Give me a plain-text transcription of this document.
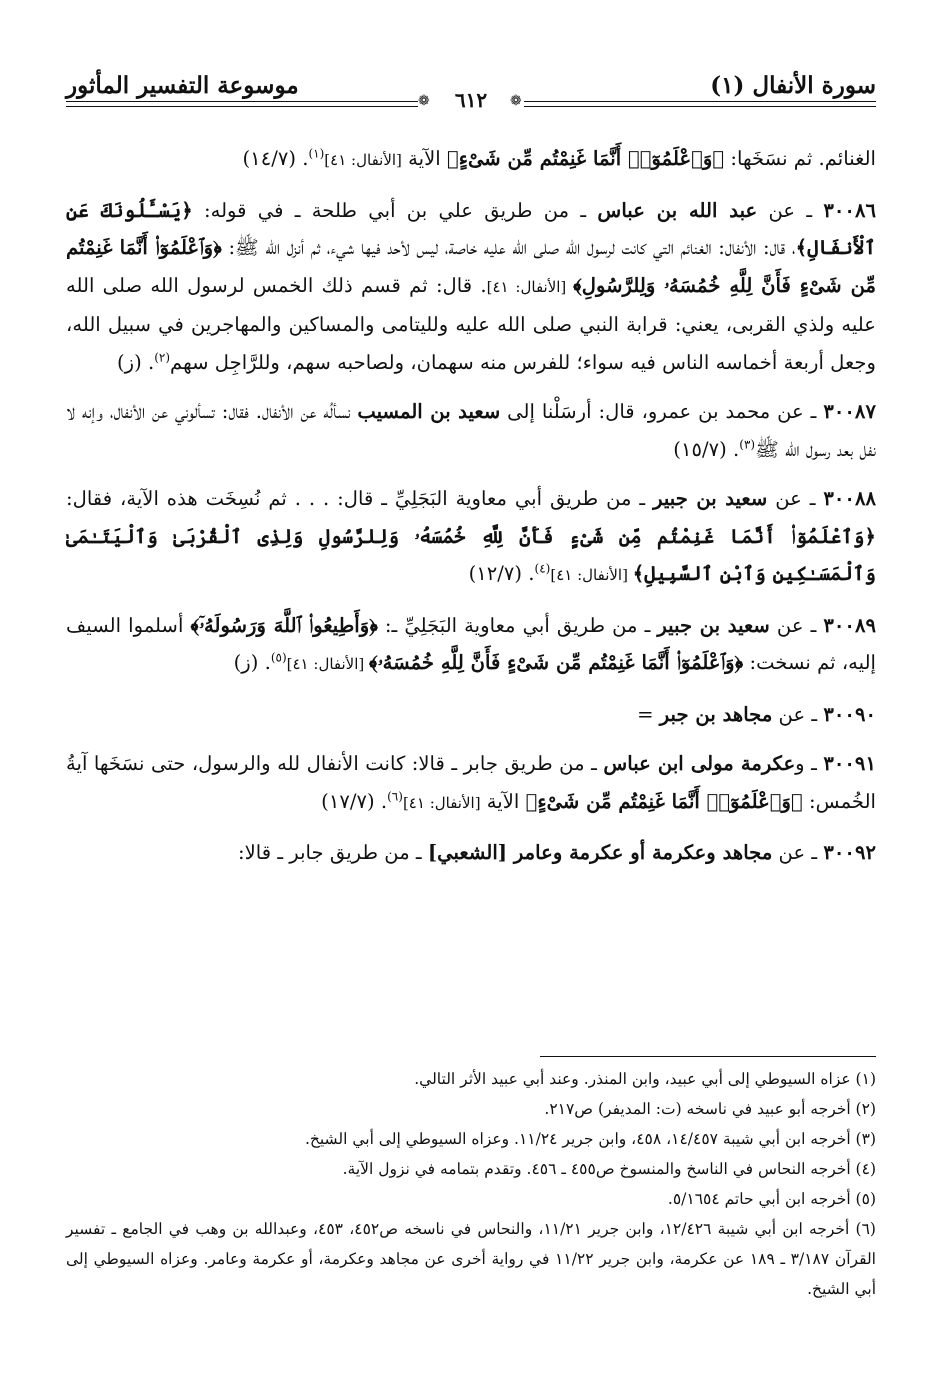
سورة الأنفال (١)
موسوعة التفسير المأثور
❁	٦١٢	❁

الغنائم. ثم نسَخَها: ﴿وَٱعْلَمُوٓا۟ أَنَّمَا غَنِمْتُم مِّن شَىْءٍ﴾ الآية [الأنفال: ٤١]$^{(١)}$. (١٤/٧)

٣٠٠٨٦ ـ عن عبد الله بن عباس ـ من طريق علي بن أبي طلحة ـ في قوله: ﴿يَسْـَٔلُونَكَ عَنِ ٱلْأَنفَالِ﴾، قال: الأنفال: الغنائم التي كانت لرسول الله صلى الله عليه خاصة، ليس لأحد فيها شيء، ثم أنزل الله ﷺ: ﴿وَٱعْلَمُوٓا۟ أَنَّمَا غَنِمْتُم مِّن شَىْءٍ فَأَنَّ لِلَّهِ خُمُسَهُۥ وَلِلرَّسُولِ﴾ [الأنفال: ٤١]. قال: ثم قسم ذلك الخمس لرسول الله صلى الله عليه ولذي القربى، يعني: قرابة النبي صلى الله عليه ولليتامى والمساكين والمهاجرين في سبيل الله، وجعل أربعة أخماسه الناس فيه سواء؛ للفرس منه سهمان، ولصاحبه سهم، وللرَّاجِل سهم$^{(٢)}$. (ز)

٣٠٠٨٧ ـ عن محمد بن عمرو، قال: أرسَلْنا إلى سعيد بن المسيب نسألُه عن الأنفال. فقال: تسألوني عن الأنفال، وإنه لا نفل بعد رسول الله ﷺ$^{(٣)}$. (١٥/٧)

٣٠٠٨٨ ـ عن سعيد بن جبير ـ من طريق أبي معاوية البَجَلِيِّ ـ قال: . . . ثم نُسِخَت هذه الآية، فقال: ﴿وَٱعْلَمُوٓا۟ أَنَّمَا غَنِمْتُم مِّن شَىْءٍ فَأَنَّ لِلَّهِ خُمُسَهُۥ وَلِلرَّسُولِ وَلِذِى ٱلْقُرْبَىٰ وَٱلْيَتَـٰمَىٰ وَٱلْمَسَـٰكِينِ وَٱبْنِ ٱلسَّبِيلِ﴾ [الأنفال: ٤١]$^{(٤)}$. (١٢/٧)

٣٠٠٨٩ ـ عن سعيد بن جبير ـ من طريق أبي معاوية البَجَلِيِّ ـ: ﴿وَأَطِيعُوا۟ ٱللَّهَ وَرَسُولَهُۥٓ﴾ أسلموا السيف إليه، ثم نسخت: ﴿وَٱعْلَمُوٓا۟ أَنَّمَا غَنِمْتُم مِّن شَىْءٍ فَأَنَّ لِلَّهِ خُمُسَهُۥ﴾ [الأنفال: ٤١]$^{(٥)}$. (ز)

٣٠٠٩٠ ـ عن مجاهد بن جبر =

٣٠٠٩١ ـ وعكرمة مولى ابن عباس ـ من طريق جابر ـ قالا: كانت الأنفال لله والرسول، حتى نسَخَها آيةُ الخُمس: ﴿وَٱعْلَمُوٓا۟ أَنَّمَا غَنِمْتُم مِّن شَىْءٍ﴾ الآية [الأنفال: ٤١]$^{(٦)}$. (١٧/٧)

٣٠٠٩٢ ـ عن مجاهد وعكرمة أو عكرمة وعامر [الشعبي] ـ من طريق جابر ـ قالا:

(١) عزاه السيوطي إلى أبي عبيد، وابن المنذر. وعند أبي عبيد الأثر التالي.

(٢) أخرجه أبو عبيد في ناسخه (ت: المديفر) ص٢١٧.

(٣) أخرجه ابن أبي شيبة ١٤/٤٥٧، ٤٥٨، وابن جرير ١١/٢٤. وعزاه السيوطي إلى أبي الشيخ.

(٤) أخرجه النحاس في الناسخ والمنسوخ ص٤٥٥ ـ ٤٥٦. وتقدم بتمامه في نزول الآية.

(٥) أخرجه ابن أبي حاتم ٥/١٦٥٤.

(٦) أخرجه ابن أبي شيبة ١٢/٤٢٦، وابن جرير ١١/٢١، والنحاس في ناسخه ص٤٥٢، ٤٥٣، وعبدالله بن وهب في الجامع ـ تفسير القرآن ٣/١٨٧ ـ ١٨٩ عن عكرمة، وابن جرير ١١/٢٢ في رواية أخرى عن مجاهد وعكرمة، أو عكرمة وعامر. وعزاه السيوطي إلى أبي الشيخ.
